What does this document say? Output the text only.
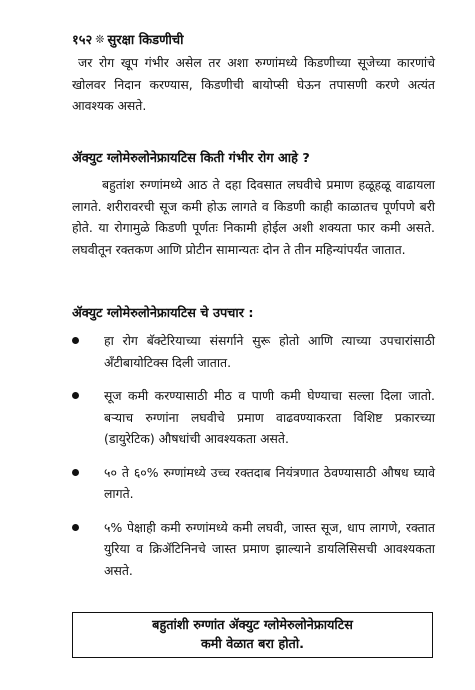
१५२ ❊ सुरक्षा किडणीची

जर रोग खूप गंभीर असेल तर अशा रुग्णांमध्ये किडणीच्या सूजेच्या कारणांचे खोलवर निदान करण्यास, किडणीची बायोप्सी घेऊन तपासणी करणे अत्यंत आवश्यक असते.

ॲक्युट ग्लोमेरुलोनेफ्रायटिस किती गंभीर रोग आहे ?

बहुतांश रुग्णांमध्ये आठ ते दहा दिवसात लघवीचे प्रमाण हळूहळू वाढायला लागते. शरीरावरची सूज कमी होऊ लागते व किडणी काही काळातच पूर्णपणे बरी होते. या रोगामुळे किडणी पूर्णतः निकामी होईल अशी शक्यता फार कमी असते. लघवीतून रक्तकण आणि प्रोटीन सामान्यतः दोन ते तीन महिन्यांपर्यंत जातात.

ॲक्युट ग्लोमेरुलोनेफ्रायटिस चे उपचार :
हा रोग बॅक्टेरियाच्या संसर्गाने सुरू होतो आणि त्याच्या उपचारांसाठी ॲंटीबायोटिक्स दिली जातात.
सूज कमी करण्यासाठी मीठ व पाणी कमी घेण्याचा सल्ला दिला जातो. बऱ्याच रुग्णांना लघवीचे प्रमाण वाढवण्याकरता विशिष्ट प्रकारच्या (डायुरेटिक) औषधांची आवश्यकता असते.
५० ते ६०% रुग्णांमध्ये उच्च रक्तदाब नियंत्रणात ठेवण्यासाठी औषध घ्यावे लागते.
५% पेक्षाही कमी रुग्णांमध्ये कमी लघवी, जास्त सूज, धाप लागणे, रक्तात युरिया व क्रिॲटिनिनचे जास्त प्रमाण झाल्याने डायलिसिसची आवश्यकता असते.
बहुतांशी रुग्णांत ॲक्युट ग्लोमेरुलोनेफ्रायटिस
कमी वेळात बरा होतो.
